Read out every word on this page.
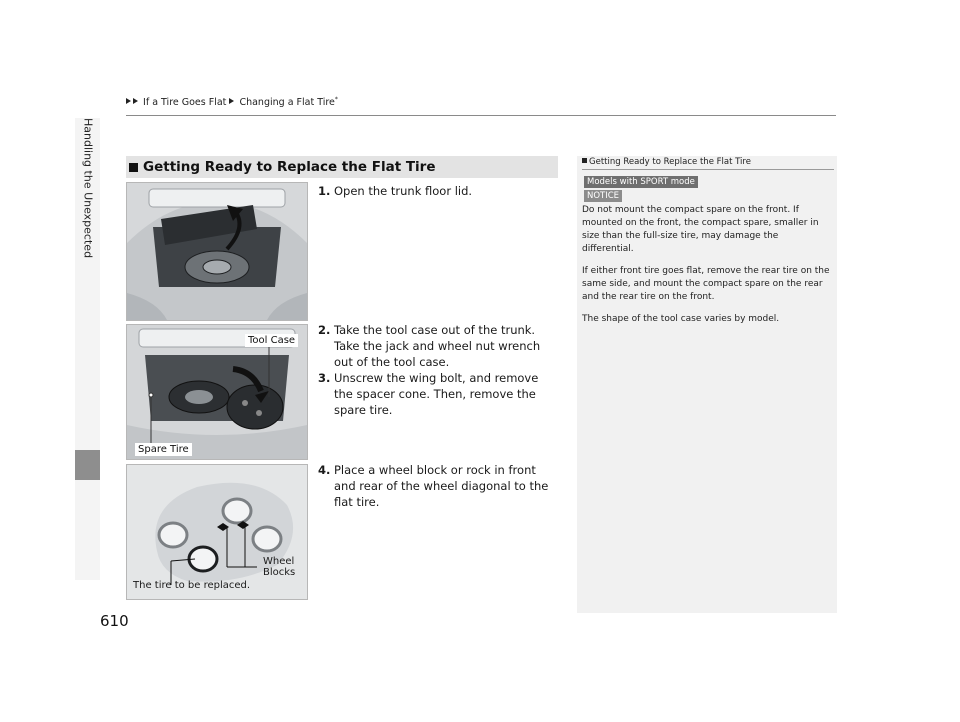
If a Tire Goes Flat Changing a Flat Tire*
Handling the Unexpected
610
Getting Ready to Replace the Flat Tire
Tool Case
Spare Tire
Wheel
Blocks
The tire to be replaced.

1. Open the trunk floor lid.

2. Take the tool case out of the trunk. Take the jack and wheel nut wrench out of the tool case.

3. Unscrew the wing bolt, and remove the spacer cone. Then, remove the spare tire.

4. Place a wheel block or rock in front and rear of the wheel diagonal to the flat tire.

Getting Ready to Replace the Flat Tire
Models with SPORT mode
NOTICE

Do not mount the compact spare on the front. If mounted on the front, the compact spare, smaller in size than the full-size tire, may damage the differential.

If either front tire goes flat, remove the rear tire on the same side, and mount the compact spare on the rear and the rear tire on the front.

The shape of the tool case varies by model.
